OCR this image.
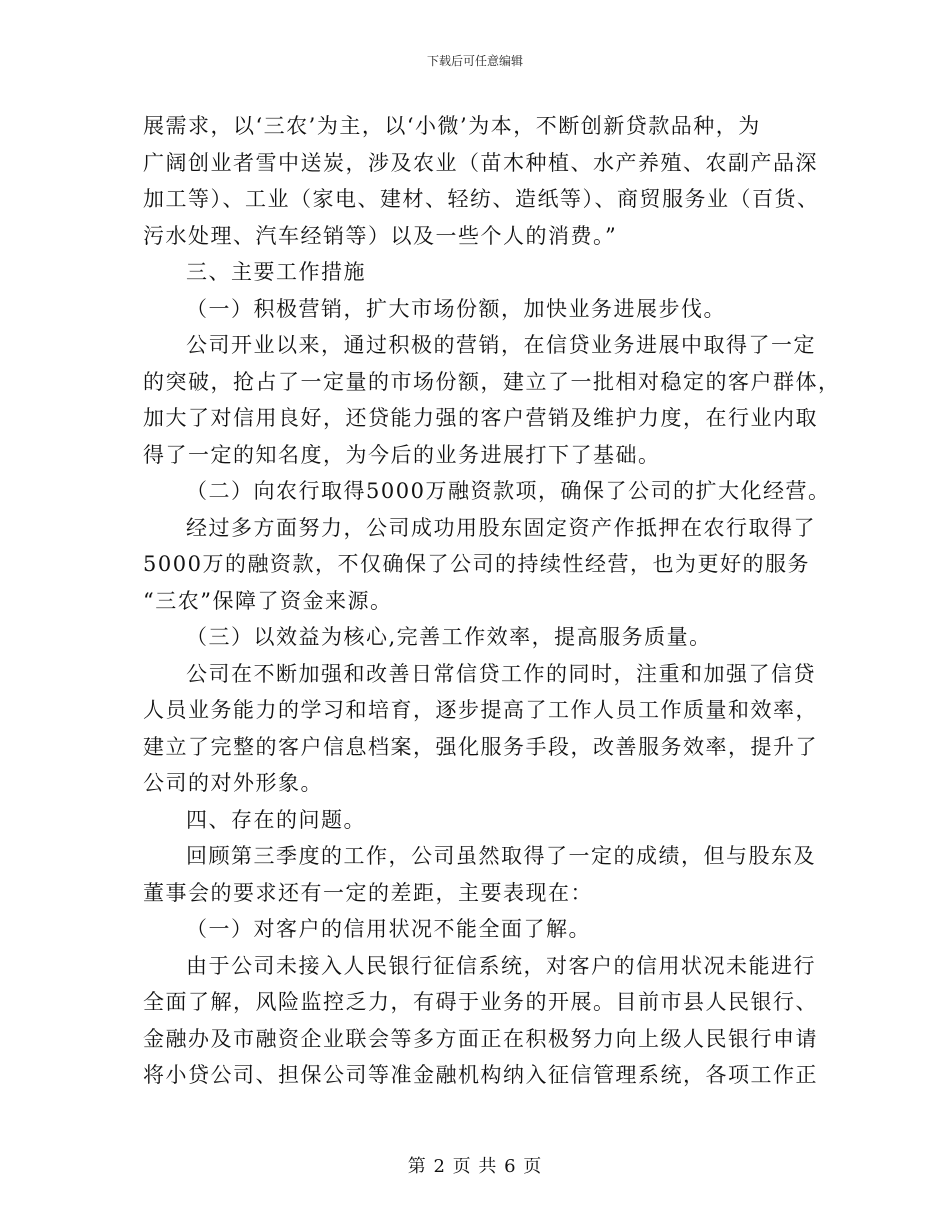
下载后可任意编辑
展需求，以‘三农’为主，以‘小微’为本，不断创新贷款品种，为
广阔创业者雪中送炭，涉及农业（苗木种植、水产养殖、农副产品深
加工等）、工业（家电、建材、轻纺、造纸等）、商贸服务业（百货、
污水处理、汽车经销等）以及一些个人的消费。”
三、主要工作措施
（一）积极营销，扩大市场份额，加快业务进展步伐。
公司开业以来，通过积极的营销，在信贷业务进展中取得了一定
的突破，抢占了一定量的市场份额，建立了一批相对稳定的客户群体，
加大了对信用良好，还贷能力强的客户营销及维护力度，在行业内取
得了一定的知名度，为今后的业务进展打下了基础。
（二）向农行取得5000万融资款项，确保了公司的扩大化经营。
经过多方面努力，公司成功用股东固定资产作抵押在农行取得了
5000万的融资款，不仅确保了公司的持续性经营，也为更好的服务
“三农”保障了资金来源。
（三）以效益为核心,完善工作效率，提高服务质量。
公司在不断加强和改善日常信贷工作的同时，注重和加强了信贷
人员业务能力的学习和培育，逐步提高了工作人员工作质量和效率，
建立了完整的客户信息档案，强化服务手段，改善服务效率，提升了
公司的对外形象。
四、存在的问题。
回顾第三季度的工作，公司虽然取得了一定的成绩，但与股东及
董事会的要求还有一定的差距，主要表现在：
（一）对客户的信用状况不能全面了解。
由于公司未接入人民银行征信系统，对客户的信用状况未能进行
全面了解，风险监控乏力，有碍于业务的开展。目前市县人民银行、
金融办及市融资企业联会等多方面正在积极努力向上级人民银行申请
将小贷公司、担保公司等准金融机构纳入征信管理系统，各项工作正
第 2 页 共 6 页
